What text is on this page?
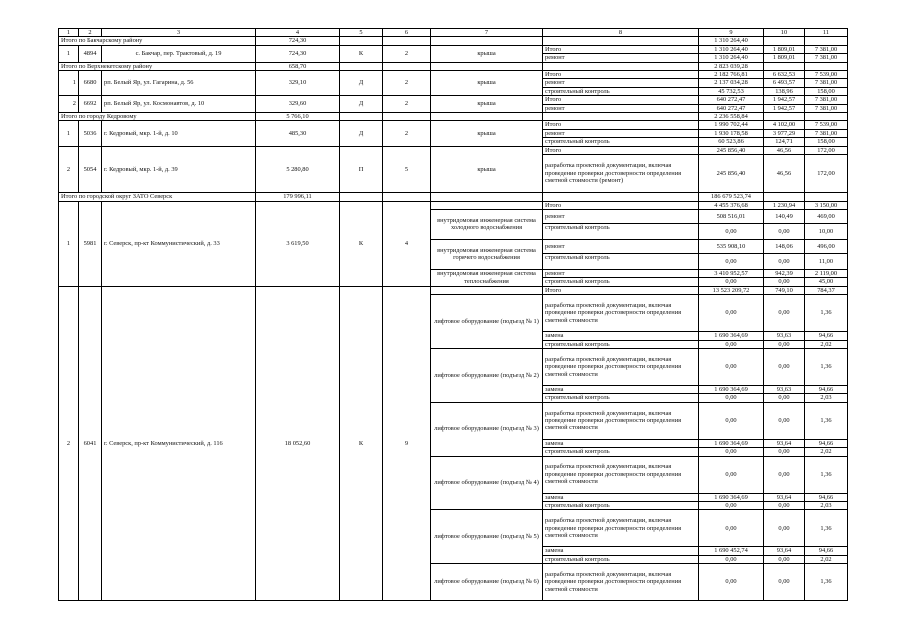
1	2	3	4	5	6	7	8	9	10	11
Итого по Бакчарскому району			724,30					1 310 264,40		
1	4894	с. Бакчар, пер. Трактовый, д. 19	724,30	К	2	крыша	Итого	1 310 264,40	1 809,01	7 381,00
							ремонт	1 310 264,40	1 809,01	7 381,00
Итого по Верхнекетскому району			658,70					2 823 039,28		
1	6680	рп. Белый Яр, ул. Гагарина, д. 56	329,10	Д	2	крыша	Итого	2 182 766,81	6 632,53	7 539,00
							ремонт	2 137 034,28	6 493,57	7 381,00
							строительный контроль	45 732,53	138,96	158,00
2	6692	рп. Белый Яр, ул. Космонавтов, д. 10	329,60	Д	2	крыша	Итого	640 272,47	1 942,57	7 381,00
							ремонт	640 272,47	1 942,57	7 381,00
Итого по городу Кедровому			5 766,10					2 236 558,84		
1	5036	г. Кедровый, мкр. 1-й, д. 10	485,30	Д	2	крыша	Итого	1 990 702,44	4 102,00	7 539,00
							ремонт	1 930 178,58	3 977,29	7 381,00
							строительный контроль	60 523,86	124,71	158,00
2	5054	г. Кедровый, мкр. 1-й, д. 39	5 280,80	П	5	крыша	Итого	245 856,40	46,56	172,00
							разработка проектной документации, включая проведение проверки достоверности определения сметной стоимости (ремонт)	245 856,40	46,56	172,00
Итого по городской округ ЗАТО Северск			179 996,11					186 679 523,74		
1	5981	г. Северск, пр-кт Коммунистический, д. 33	3 619,50	К	4		Итого	4 455 376,68	1 230,94	3 150,00
						внутридомовая инженерная система холодного водоснабжения	ремонт	508 516,01	140,49	469,00
							строительный контроль	0,00	0,00	10,00
						внутридомовая инженерная система горячего водоснабжения	ремонт	535 908,10	148,06	496,00
							строительный контроль	0,00	0,00	11,00
						внутридомовая инженерная система теплоснабжения	ремонт	3 410 952,57	942,39	2 119,00
							строительный контроль	0,00	0,00	45,00
2	6041	г. Северск, пр-кт Коммунистический, д. 116	18 052,60	К	9		Итого	13 523 209,72	749,10	784,37
						лифтовое оборудование (подъезд № 1)	разработка проектной документации, включая проведение проверки достоверности определения сметной стоимости	0,00	0,00	1,36
							замена	1 690 364,69	93,63	94,66
							строительный контроль	0,00	0,00	2,02
						лифтовое оборудование (подъезд № 2)	разработка проектной документации, включая проведение проверки достоверности определения сметной стоимости	0,00	0,00	1,36
							замена	1 690 364,69	93,63	94,66
							строительный контроль	0,00	0,00	2,03
						лифтовое оборудование (подъезд № 3)	разработка проектной документации, включая проведение проверки достоверности определения сметной стоимости	0,00	0,00	1,36
							замена	1 690 364,69	93,64	94,66
							строительный контроль	0,00	0,00	2,02
						лифтовое оборудование (подъезд № 4)	разработка проектной документации, включая проведение проверки достоверности определения сметной стоимости	0,00	0,00	1,36
							замена	1 690 364,69	93,64	94,66
							строительный контроль	0,00	0,00	2,03
						лифтовое оборудование (подъезд № 5)	разработка проектной документации, включая проведение проверки достоверности определения сметной стоимости	0,00	0,00	1,36
							замена	1 690 452,74	93,64	94,66
							строительный контроль	0,00	0,00	2,02
						лифтовое оборудование (подъезд № 6)	разработка проектной документации, включая проведение проверки достоверности определения сметной стоимости	0,00	0,00	1,36
